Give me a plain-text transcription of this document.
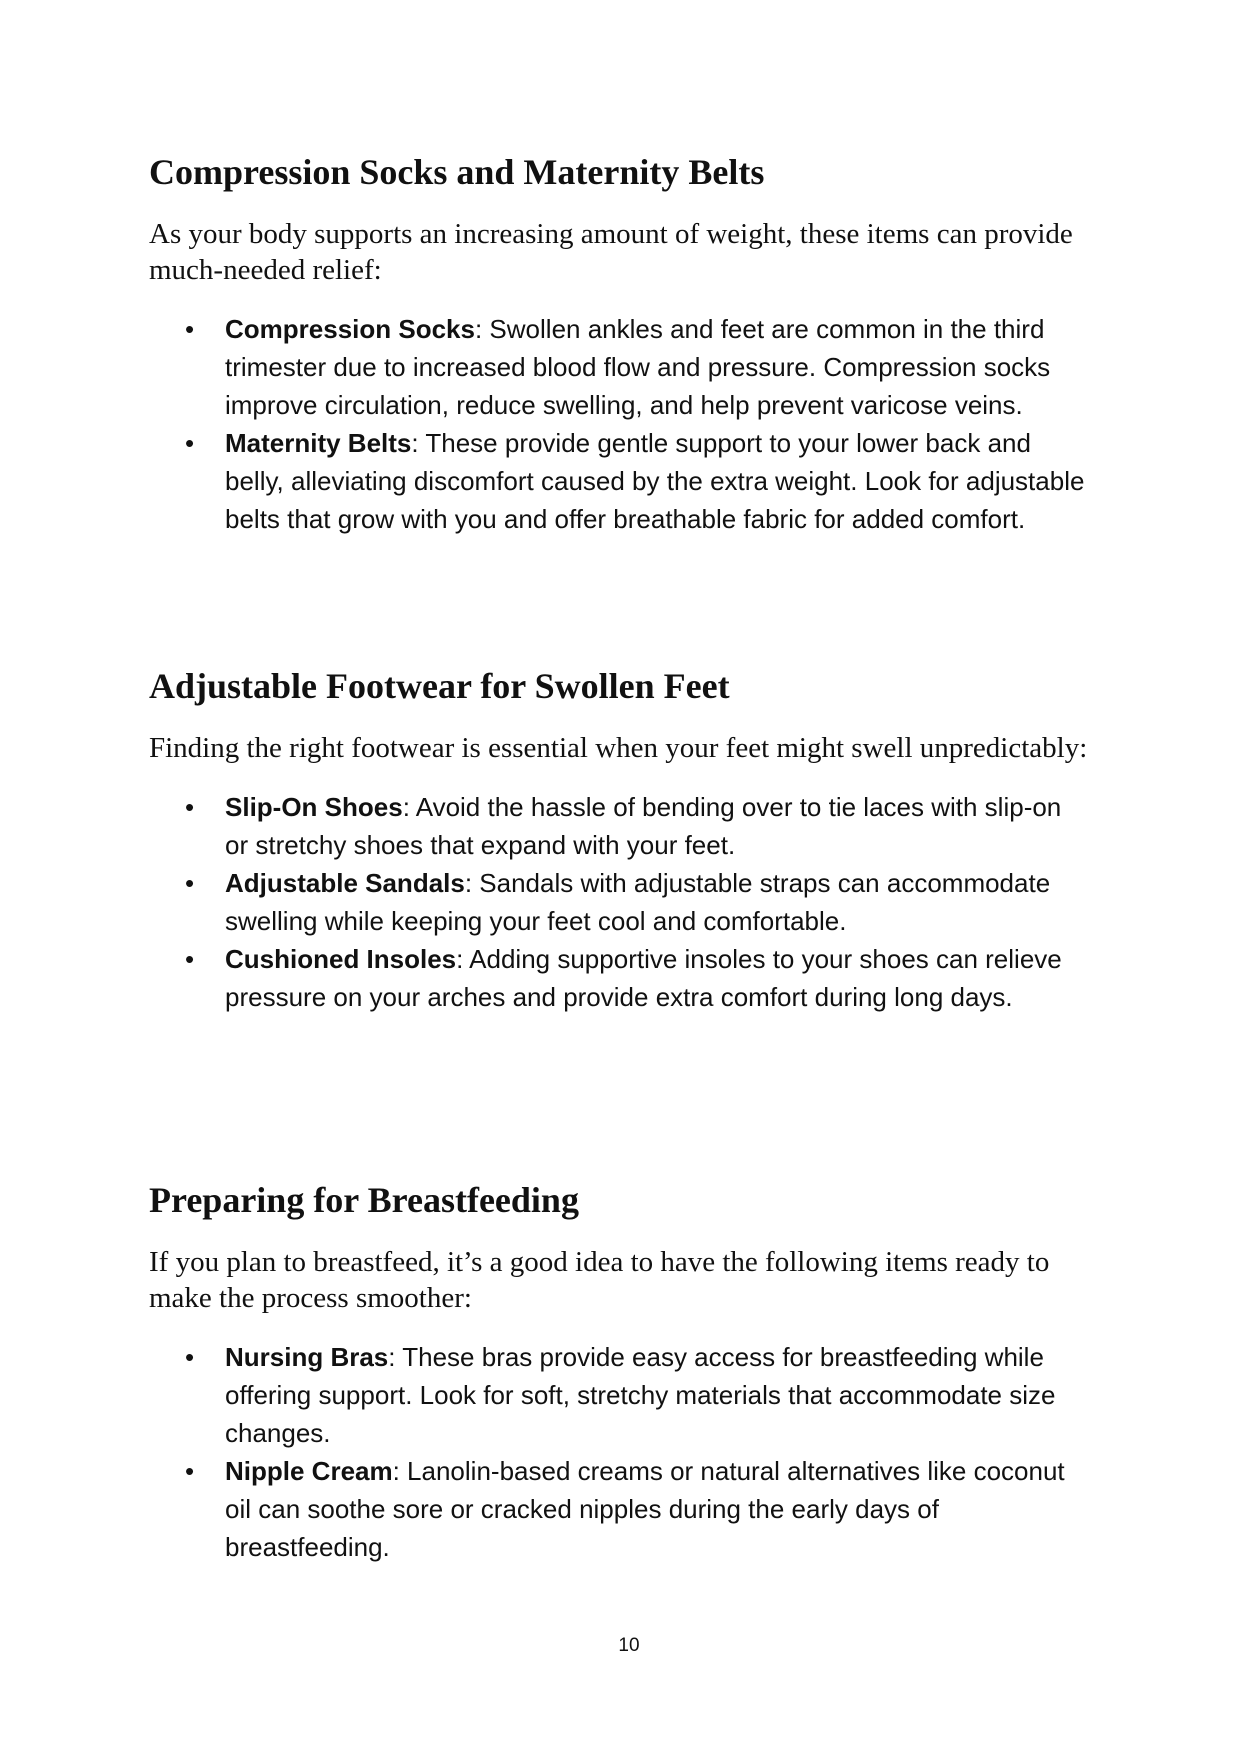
Compression Socks and Maternity Belts

As your body supports an increasing amount of weight, these items can provide much-needed relief:

• Compression Socks: Swollen ankles and feet are common in the third trimester due to increased blood flow and pressure. Compression socks improve circulation, reduce swelling, and help prevent varicose veins.
• Maternity Belts: These provide gentle support to your lower back and belly, alleviating discomfort caused by the extra weight. Look for adjustable belts that grow with you and offer breathable fabric for added comfort.
Adjustable Footwear for Swollen Feet

Finding the right footwear is essential when your feet might swell unpredictably:

• Slip-On Shoes: Avoid the hassle of bending over to tie laces with slip-on or stretchy shoes that expand with your feet.
• Adjustable Sandals: Sandals with adjustable straps can accommodate swelling while keeping your feet cool and comfortable.
• Cushioned Insoles: Adding supportive insoles to your shoes can relieve pressure on your arches and provide extra comfort during long days.
Preparing for Breastfeeding

If you plan to breastfeed, it’s a good idea to have the following items ready to make the process smoother:

• Nursing Bras: These bras provide easy access for breastfeeding while offering support. Look for soft, stretchy materials that accommodate size changes.
• Nipple Cream: Lanolin-based creams or natural alternatives like coconut oil can soothe sore or cracked nipples during the early days of breastfeeding.
10
